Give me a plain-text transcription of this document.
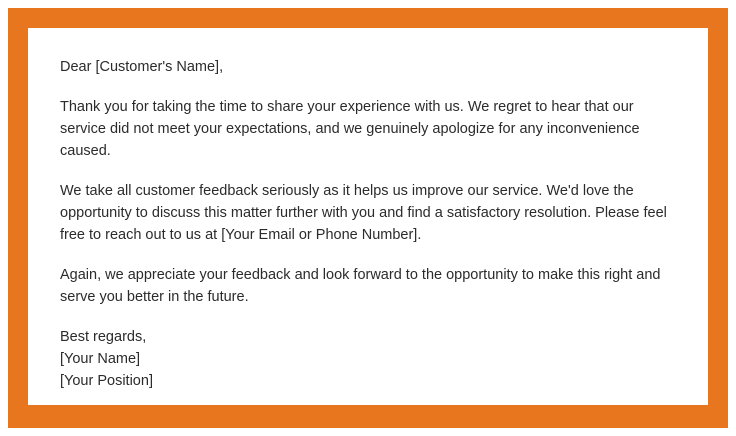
Dear [Customer's Name],

Thank you for taking the time to share your experience with us. We regret to hear that our service did not meet your expectations, and we genuinely apologize for any inconvenience caused.

We take all customer feedback seriously as it helps us improve our service. We'd love the opportunity to discuss this matter further with you and find a satisfactory resolution. Please feel free to reach out to us at [Your Email or Phone Number].

Again, we appreciate your feedback and look forward to the opportunity to make this right and serve you better in the future.

Best regards,

[Your Name]

[Your Position]
